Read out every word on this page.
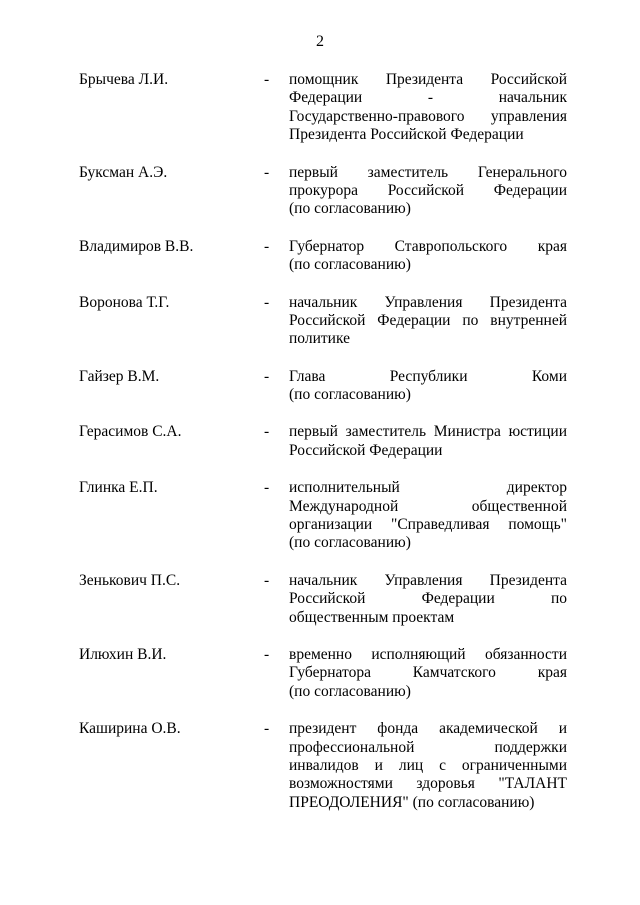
2
Брычева Л.И.	- помощник Президента Российской
Федерации - начальник
Государственно-правового управления
Президента Российской Федерации
Буксман А.Э.	- первый заместитель Генерального
прокурора Российской Федерации
(по согласованию)
Владимиров В.В.	- Губернатор Ставропольского края
(по согласованию)
Воронова Т.Г.	- начальник Управления Президента
Российской Федерации по внутренней
политике
Гайзер В.М.	- Глава Республики Коми
(по согласованию)
Герасимов С.А.	- первый заместитель Министра юстиции
Российской Федерации
Глинка Е.П.	- исполнительный директор
Международной общественной
организации "Справедливая помощь"
(по согласованию)
Зенькович П.С.	- начальник Управления Президента
Российской Федерации по
общественным проектам
Илюхин В.И.	- временно исполняющий обязанности
Губернатора Камчатского края
(по согласованию)
Каширина О.В.	- президент фонда академической и
профессиональной поддержки
инвалидов и лиц с ограниченными
возможностями здоровья "ТАЛАНТ
ПРЕОДОЛЕНИЯ" (по согласованию)
